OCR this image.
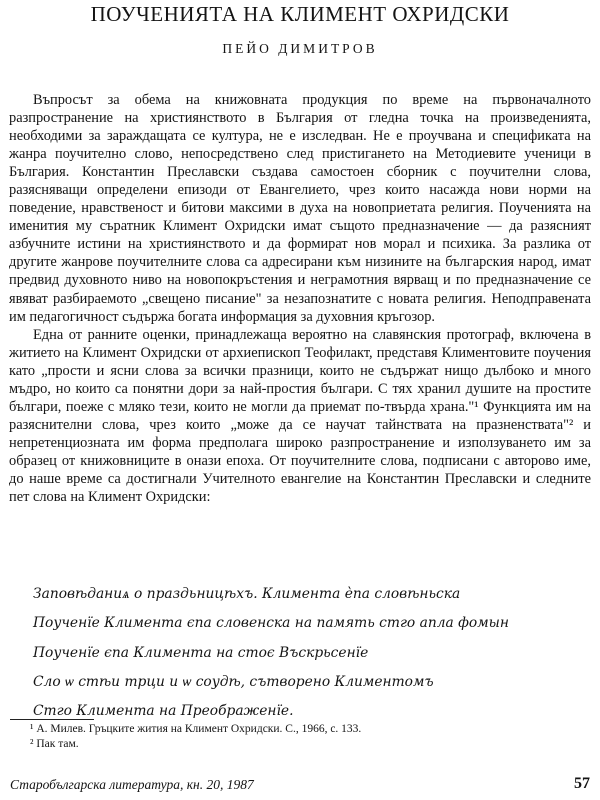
ПОУЧЕНИЯТА НА КЛИМЕНТ ОХРИДСКИ
ПЕЙО ДИМИТРОВ

Въпросът за обема на книжовната продукция по време на първоначалното разпространение на християнството в България от гледна точка на произведенията, необходими за зараждащата се култура, не е изследван. Не е проучвана и спецификата на жанра поучително слово, непосредствено след пристигането на Методиевите ученици в България. Константин Преславски създава самостоен сборник с поучителни слова, разясняващи определени епизоди от Евангелието, чрез които насажда нови норми на поведение, нравственост и битови максими в духа на новоприетата религия. Поученията на именития му съратник Климент Охридски имат същото предназначение — да разясният азбучните истини на християнството и да формират нов морал и психика. За разлика от другите жанрове поучителните слова са адресирани към низините на българския народ, имат предвид духовното ниво на новопокръстения и неграмотния вярващ и по предназначение се явяват разбираемото „свещено писание" за незапознатите с новата религия. Неподправената им педагогичност съдържа богата информация за духовния кръгозор.

Една от ранните оценки, принадлежаща вероятно на славянския протограф, включена в житието на Климент Охридски от архиепископ Теофилакт, представя Климентовите поучения като „прости и ясни слова за всички празници, които не съдържат нищо дълбоко и много мъдро, но които са понятни дори за най-простия българи. С тях хранил душите на простите българи, поеже с мляко тези, които не могли да приемат по-твърда храна."¹ Функцията им на разяснителни слова, чрез които „може да се научат тайнствата на празненствата"² и непретенциозната им форма предполага широко разпространение и използуването им за образец от книжовниците в онази епоха. От поучителните слова, подписани с авторово име, до наше време са достигнали Учителното евангелие на Константин Преславски и следните пет слова на Климент Охридски:

Заповѣданиѧ о праздьницѣхъ. Климента ѐпа словѣньска
Поученїе Климента єпа словенска на память стго апла фомын
Поученїе єпа Климента на стоє Въскрьсенїе
Сло ѡ стѣи трци и ѡ соудѣ, сътворено Климентомъ
Стго Климента на Преображенїе.
¹ А. Милев. Гръцките жития на Климент Охридски. С., 1966, с. 133.
² Пак там.
Старобългарска литература, кн. 20, 1987	57
